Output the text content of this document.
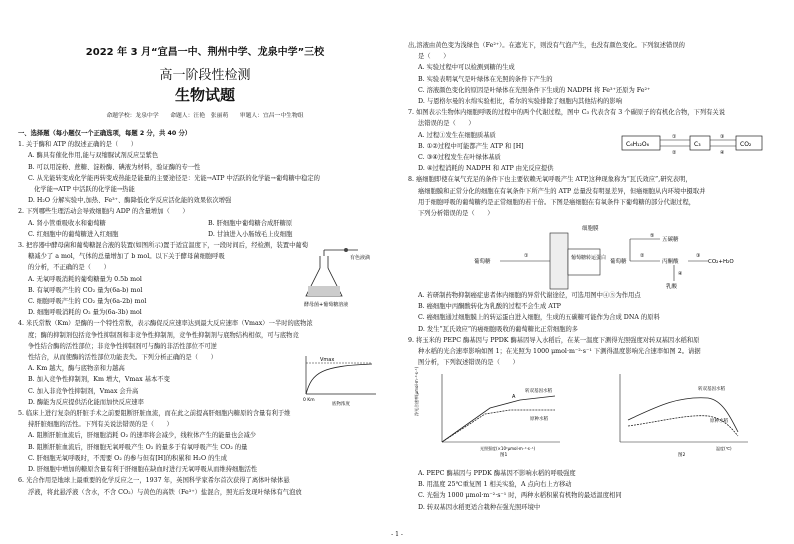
2022 年 3 月“宜昌一中、荆州中学、龙泉中学”三校
高一阶段性检测
生物试题
命题学校：龙泉中学　　命题人：汪艳　张丽萌　　审题人：宜昌一中生物组

一、选择题（每小题仅一个正确选项，每题 2 分，共 40 分）

1. 关于酶和 ATP 的叙述正确的是（　　）

A. 酶具有催化作用,能与双缩脲试剂反应呈紫色

B. 可以用淀粉、蔗糖、淀粉酶、碘液为材料，验证酶的专一性

C. 从光能转变成化学能再转变成热能是能量的主要途径是：光能→ATP 中活跃的化学能→葡萄糖中稳定的

化学能→ATP 中活跃的化学能→热能

D. H₂O 分解实验中,加热、Fe³⁺、酶降低化学反应活化能的效果依次增强

2. 下列哪些生理活动会导致细胞内 ADP 的含量增加（　　）

A. 肾小管重吸收水和葡萄糖	B. 肝细胞中葡萄糖合成肝糖原
C. 红细胞中的葡萄糖进入红细胞	D. 甘油进入小肠绒毛上皮细胞

3. 把容器中酵母菌和葡萄糖混合液的装置(如图所示)置于适宜温度下，一段时间后，经检测，装置中葡萄

糖减少了 a mol，气体的总量增加了 b mol。以下关于酵母菌细胞呼吸

的分析，不正确的是（　　）

A. 无氧呼吸消耗的葡萄糖量为 0.5b mol

B. 有氧呼吸产生的 CO₂ 量为(6a-b) mol

C. 细胞呼吸产生的 CO₂ 量为(6a-2b) mol

D. 细胞呼吸消耗的 O₂ 量为(6a-3b) mol

4. 米氏常数（Km）是酶的一个特性常数，表示酶促反应速率达到最大反应速率（Vmax）一半时的底物浓

度；酶的抑制剂包括竞争性抑制剂和非竞争性抑制剂，竞争性抑制剂与底物结构相似，可与底物竞

争性结合酶的活性部位；非竞争性抑制剂可与酶的非活性部位不可逆

性结合，从而使酶的活性部位功能丧失。下列分析正确的是（　　）

A. Km 越大，酶与底物亲和力越高

B. 加入竞争性抑制剂，Km 增大，Vmax 基本不变

C. 加入非竞争性抑制剂，Vmax 会升高

D. 酶能为反应提供活化能而加快反应速率

5. 临床上进行复杂的肝脏手术之前要阻断肝脏血流，而在此之前提高肝细胞内糖原的含量有利于维

持肝脏细胞的活性。下列有关说法错误的是（　　）

A. 阻断肝脏血流后，肝细胞消耗 O₂ 的速率将会减少，线粒体产生的能量也会减少

B. 阻断肝脏血流后，肝细胞无氧呼吸产生 O₂ 的量多于有氧呼吸产生 CO₂ 的量

C. 肝细胞无氧呼吸时，不需要 O₂ 的参与但有[H]的积累和 H₂O 的生成

D. 肝细胞中增加的糖原含量有利于肝细胞在缺血时进行无氧呼吸从而维持细胞活性

6. 光合作用是地球上最重要的化学反应之一，1937 年，英国科学家希尔首次获得了离体叶绿体悬

浮液，将此悬浮液（含水，不含 CO₂）与黄色的高铁（Fe³⁺）盐混合，照光后发现叶绿体有气泡放

有色液滴
酵母菌+葡萄糖溶液
Vmax
0 Km
底物浓度

出,溶液由黄色变为浅绿色（Fe²⁺）。在遮光下，则没有气泡产生，也没有颜色变化。下列叙述错误的

是（　　）

A. 实验过程中可以检测到糖的生成

B. 实验表明氧气是叶绿体在光照的条件下产生的

C. 溶液颜色变化的原因是叶绿体在光照条件下生成的 NADPH 将 Fe³⁺还原为 Fe²⁺

D. 与恩格尔曼的水绵实验相比，希尔的实验排除了细胞内其他结构的影响

7. 如图表示生物体内细胞呼吸的过程中的两个代谢过程，图中 C₃ 代表含有 3 个碳原子的有机化合物，下列有关说

法错误的是（　　）

A. 过程①发生在细胞质基质

B. ①②过程中可能都产生 ATP 和 [H]

C. ③④过程发生在叶绿体基质

D. ④过程消耗的 NADPH 和 ATP 由光反应提供

8. 癌细胞即使在氧气充足的条件下也主要依赖无氧呼吸产生 ATP,这种现象称为“瓦氏效应”,研究表明，

癌细胞膜和正常分化的细胞在有氧条件下所产生的 ATP 总量没有明显差异，但癌细胞从内环境中摄取并

用于细胞呼吸的葡萄糖约是正常细胞的若干倍。下图是癌细胞在有氧条件下葡萄糖的部分代谢过程，

下列分析错误的是（　　）

C₆H₁₂O₆
①
②
C₃
③
④
CO₂
细胞膜
葡萄糖
①	葡萄糖转运蛋白
葡萄糖
②
五碳糖
丙酮酸
③
CO₂+H₂O
④
乳酸
⑤

A. 若研制药物抑制癌症患者体内细胞的异常代谢途径，可选用图中④⑤为作用点

B. 癌细胞中丙酮酸转化为乳酸的过程不会生成 ATP

C. 癌细胞通过细胞膜上的转运蛋白进入细胞，生成的五碳糖可能作为合成 DNA 的原料

D. 发生“瓦氏效应”的癌细胞吸收的葡萄糖比正常细胞的多

9. 将玉米的 PEPC 酶基因与 PPDK 酶基因导入水稻后，在某一温度下测得光照强度对转双基因水稻和原

种水稻的光合速率影响如图 1；在光照为 1000 μmol·m⁻²·s⁻¹ 下测得温度影响光合速率如图 2。请据

图分析，下列叙述错误的是（　　）

A
转双基因水稻
原种水稻
净光合速率(μmol·m⁻²·s⁻¹)
光照强度(×10²μmol·m⁻²·s⁻¹)
图1
转双基因水稻
原种水稻
温度(℃)
图2

A. PEPC 酶基因与 PPDK 酶基因不影响水稻的呼吸强度

B. 用温度 25℃重复图 1 相关实验，A 点向右上方移动

C. 光强为 1000 μmol·m⁻²·s⁻¹ 时，两种水稻积累有机物的最适温度相同

D. 转双基因水稻更适合栽种在强光照环境中

- 1 -
